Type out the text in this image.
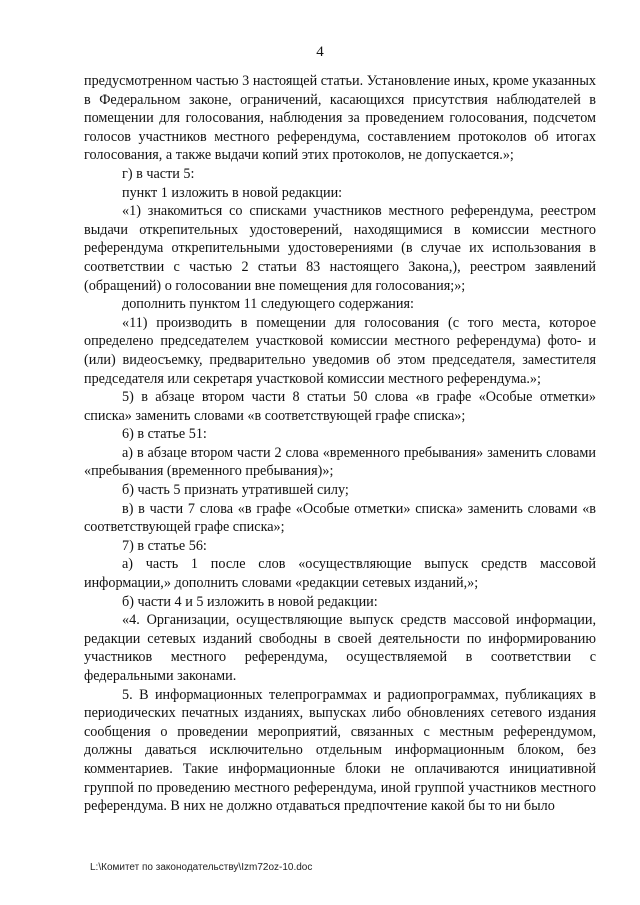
4

предусмотренном частью 3 настоящей статьи. Установление иных, кроме указанных в Федеральном законе, ограничений, касающихся присутствия наблюдателей в помещении для голосования, наблюдения за проведением голосования, подсчетом голосов участников местного референдума, составлением протоколов об итогах голосования, а также выдачи копий этих протоколов, не допускается.»;

г) в части 5:

пункт 1 изложить в новой редакции:

«1) знакомиться со списками участников местного референдума, реестром выдачи открепительных удостоверений, находящимися в комиссии местного референдума открепительными удостоверениями (в случае их использования в соответствии с частью 2 статьи 83 настоящего Закона,), реестром заявлений (обращений) о голосовании вне помещения для голосования;»;

дополнить пунктом 11 следующего содержания:

«11) производить в помещении для голосования (с того места, которое определено председателем участковой комиссии местного референдума) фото- и (или) видеосъемку, предварительно уведомив об этом председателя, заместителя председателя или секретаря участковой комиссии местного референдума.»;

5) в абзаце втором части 8 статьи 50 слова «в графе «Особые отметки» списка» заменить словами «в соответствующей графе списка»;

6) в статье 51:

а) в абзаце втором части 2 слова «временного пребывания» заменить словами «пребывания (временного пребывания)»;

б) часть 5 признать утратившей силу;

в) в части 7 слова «в графе «Особые отметки» списка» заменить словами «в соответствующей графе списка»;

7) в статье 56:

а) часть 1 после слов «осуществляющие выпуск средств массовой информации,» дополнить словами «редакции сетевых изданий,»;

б) части 4 и 5 изложить в новой редакции:

«4. Организации, осуществляющие выпуск средств массовой информации, редакции сетевых изданий свободны в своей деятельности по информированию участников местного референдума, осуществляемой в соответствии с федеральными законами.

5. В информационных телепрограммах и радиопрограммах, публикациях в периодических печатных изданиях, выпусках либо обновлениях сетевого издания сообщения о проведении мероприятий, связанных с местным референдумом, должны даваться исключительно отдельным информационным блоком, без комментариев. Такие информационные блоки не оплачиваются инициативной группой по проведению местного референдума, иной группой участников местного референдума. В них не должно отдаваться предпочтение какой бы то ни было

L:\Комитет по законодательству\Izm72oz-10.doc
